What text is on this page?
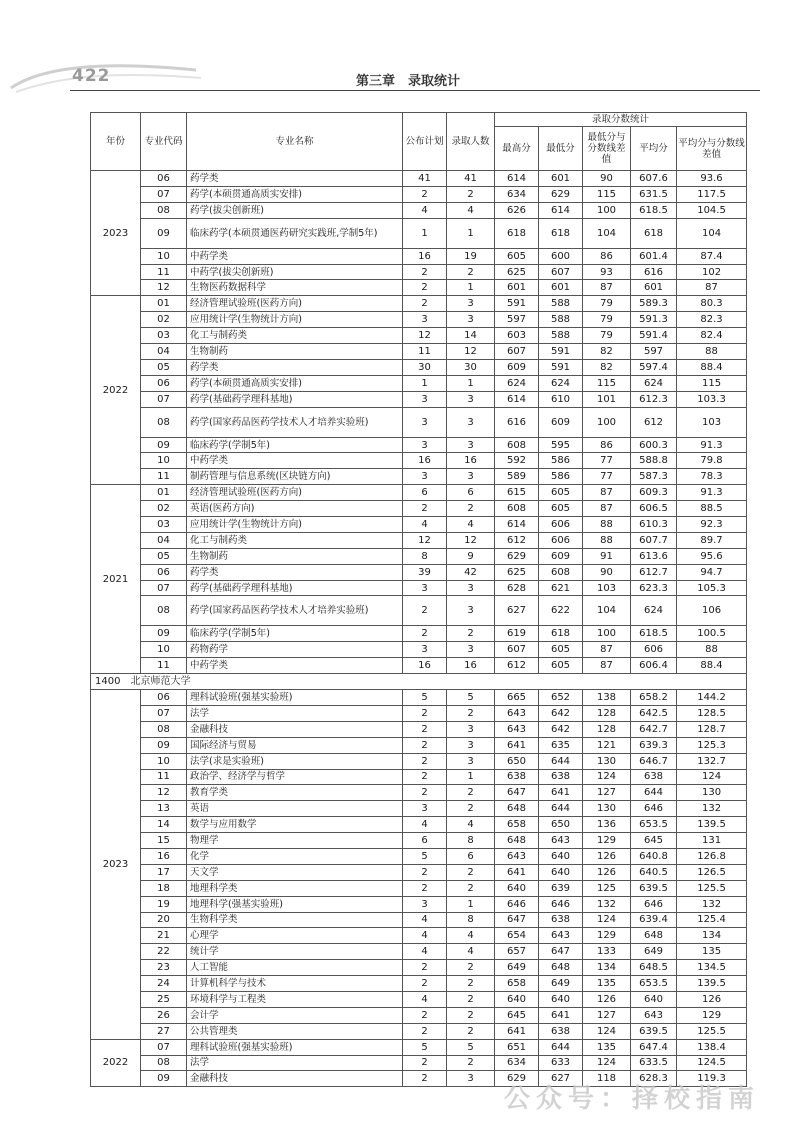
422	第三章　录取统计
年份	专业代码	专业名称	公布计划	录取人数	录取分数统计				
					最高分	最低分	最低分与分数线差值	平均分	平均分与分数线差值
2023	06	药学类	41	41	614	601	90	607.6	93.6
	07	药学(本硕贯通高质实安排)	2	2	634	629	115	631.5	117.5
	08	药学(拔尖创新班)	4	4	626	614	100	618.5	104.5
	09	临床药学(本硕贯通医药研究实践班,学制5年)	1	1	618	618	104	618	104
	10	中药学类	16	19	605	600	86	601.4	87.4
	11	中药学(拔尖创新班)	2	2	625	607	93	616	102
	12	生物医药数据科学	2	1	601	601	87	601	87
2022	01	经济管理试验班(医药方向)	2	3	591	588	79	589.3	80.3
	02	应用统计学(生物统计方向)	3	3	597	588	79	591.3	82.3
	03	化工与制药类	12	14	603	588	79	591.4	82.4
	04	生物制药	11	12	607	591	82	597	88
	05	药学类	30	30	609	591	82	597.4	88.4
	06	药学(本硕贯通高质实安排)	1	1	624	624	115	624	115
	07	药学(基础药学理科基地)	3	3	614	610	101	612.3	103.3
	08	药学(国家药品医药学技术人才培养实验班)	3	3	616	609	100	612	103
	09	临床药学(学制5年)	3	3	608	595	86	600.3	91.3
	10	中药学类	16	16	592	586	77	588.8	79.8
	11	制药管理与信息系统(区块链方向)	3	3	589	586	77	587.3	78.3
2021	01	经济管理试验班(医药方向)	6	6	615	605	87	609.3	91.3
	02	英语(医药方向)	2	2	608	605	87	606.5	88.5
	03	应用统计学(生物统计方向)	4	4	614	606	88	610.3	92.3
	04	化工与制药类	12	12	612	606	88	607.7	89.7
	05	生物制药	8	9	629	609	91	613.6	95.6
	06	药学类	39	42	625	608	90	612.7	94.7
	07	药学(基础药学理科基地)	3	3	628	621	103	623.3	105.3
	08	药学(国家药品医药学技术人才培养实验班)	2	3	627	622	104	624	106
	09	临床药学(学制5年)	2	2	619	618	100	618.5	100.5
	10	药物药学	3	3	607	605	87	606	88
	11	中药学类	16	16	612	605	87	606.4	88.4
1400　北京师范大学									
2023	06	理科试验班(强基实验班)	5	5	665	652	138	658.2	144.2
	07	法学	2	2	643	642	128	642.5	128.5
	08	金融科技	2	3	643	642	128	642.7	128.7
	09	国际经济与贸易	2	3	641	635	121	639.3	125.3
	10	法学(求是实验班)	2	3	650	644	130	646.7	132.7
	11	政治学、经济学与哲学	2	1	638	638	124	638	124
	12	教育学类	2	2	647	641	127	644	130
	13	英语	3	2	648	644	130	646	132
	14	数学与应用数学	4	4	658	650	136	653.5	139.5
	15	物理学	6	8	648	643	129	645	131
	16	化学	5	6	643	640	126	640.8	126.8
	17	天文学	2	2	641	640	126	640.5	126.5
	18	地理科学类	2	2	640	639	125	639.5	125.5
	19	地理科学(强基实验班)	3	1	646	646	132	646	132
	20	生物科学类	4	8	647	638	124	639.4	125.4
	21	心理学	4	4	654	643	129	648	134
	22	统计学	4	4	657	647	133	649	135
	23	人工智能	2	2	649	648	134	648.5	134.5
	24	计算机科学与技术	2	2	658	649	135	653.5	139.5
	25	环境科学与工程类	4	2	640	640	126	640	126
	26	会计学	2	2	645	641	127	643	129
	27	公共管理类	2	2	641	638	124	639.5	125.5
2022	07	理科试验班(强基实验班)	5	5	651	644	135	647.4	138.4
	08	法学	2	2	634	633	124	633.5	124.5
	09	金融科技	2	3	629	627	118	628.3	119.3
公众号：择校指南
